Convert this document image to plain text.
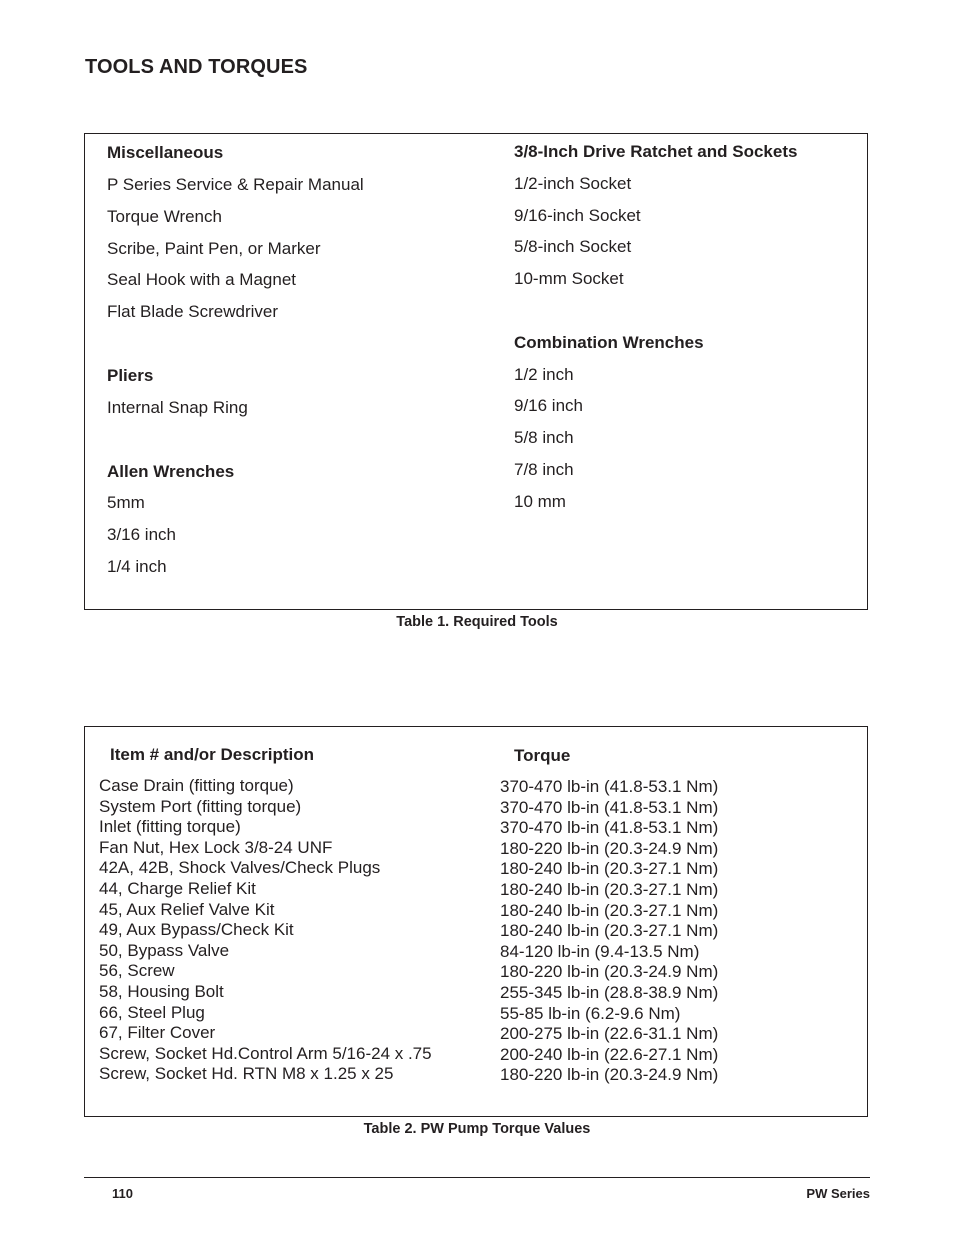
TOOLS AND TORQUES
Miscellaneous
P Series Service & Repair Manual
Torque Wrench
Scribe, Paint Pen, or Marker
Seal Hook with a Magnet
Flat Blade Screwdriver
Pliers
Internal Snap Ring
Allen Wrenches
5mm
3/16 inch
1/4 inch
3/8-Inch Drive Ratchet and Sockets
1/2-inch Socket
9/16-inch Socket
5/8-inch Socket
10-mm Socket
Combination Wrenches
1/2 inch
9/16 inch
5/8 inch
7/8 inch
10 mm
Table 1. Required Tools
Item # and/or Description	Torque
Case Drain (fitting torque)
System Port (fitting torque)
Inlet (fitting torque)
Fan Nut, Hex Lock 3/8-24 UNF
42A, 42B, Shock Valves/Check Plugs
44, Charge Relief Kit
45, Aux Relief Valve Kit
49, Aux Bypass/Check Kit
50, Bypass Valve
56, Screw
58, Housing Bolt
66, Steel Plug
67, Filter Cover
Screw, Socket Hd.Control Arm 5/16-24 x .75
Screw, Socket Hd. RTN M8 x 1.25 x 25
370-470 lb-in (41.8-53.1 Nm)
370-470 lb-in (41.8-53.1 Nm)
370-470 lb-in (41.8-53.1 Nm)
180-220 lb-in (20.3-24.9 Nm)
180-240 lb-in (20.3-27.1 Nm)
180-240 lb-in (20.3-27.1 Nm)
180-240 lb-in (20.3-27.1 Nm)
180-240 lb-in (20.3-27.1 Nm)
84-120 lb-in (9.4-13.5 Nm)
180-220 lb-in (20.3-24.9 Nm)
255-345 lb-in (28.8-38.9 Nm)
55-85 lb-in (6.2-9.6 Nm)
200-275 lb-in (22.6-31.1 Nm)
200-240 lb-in (22.6-27.1 Nm)
180-220 lb-in (20.3-24.9 Nm)
Table 2. PW Pump Torque Values
110	PW Series
